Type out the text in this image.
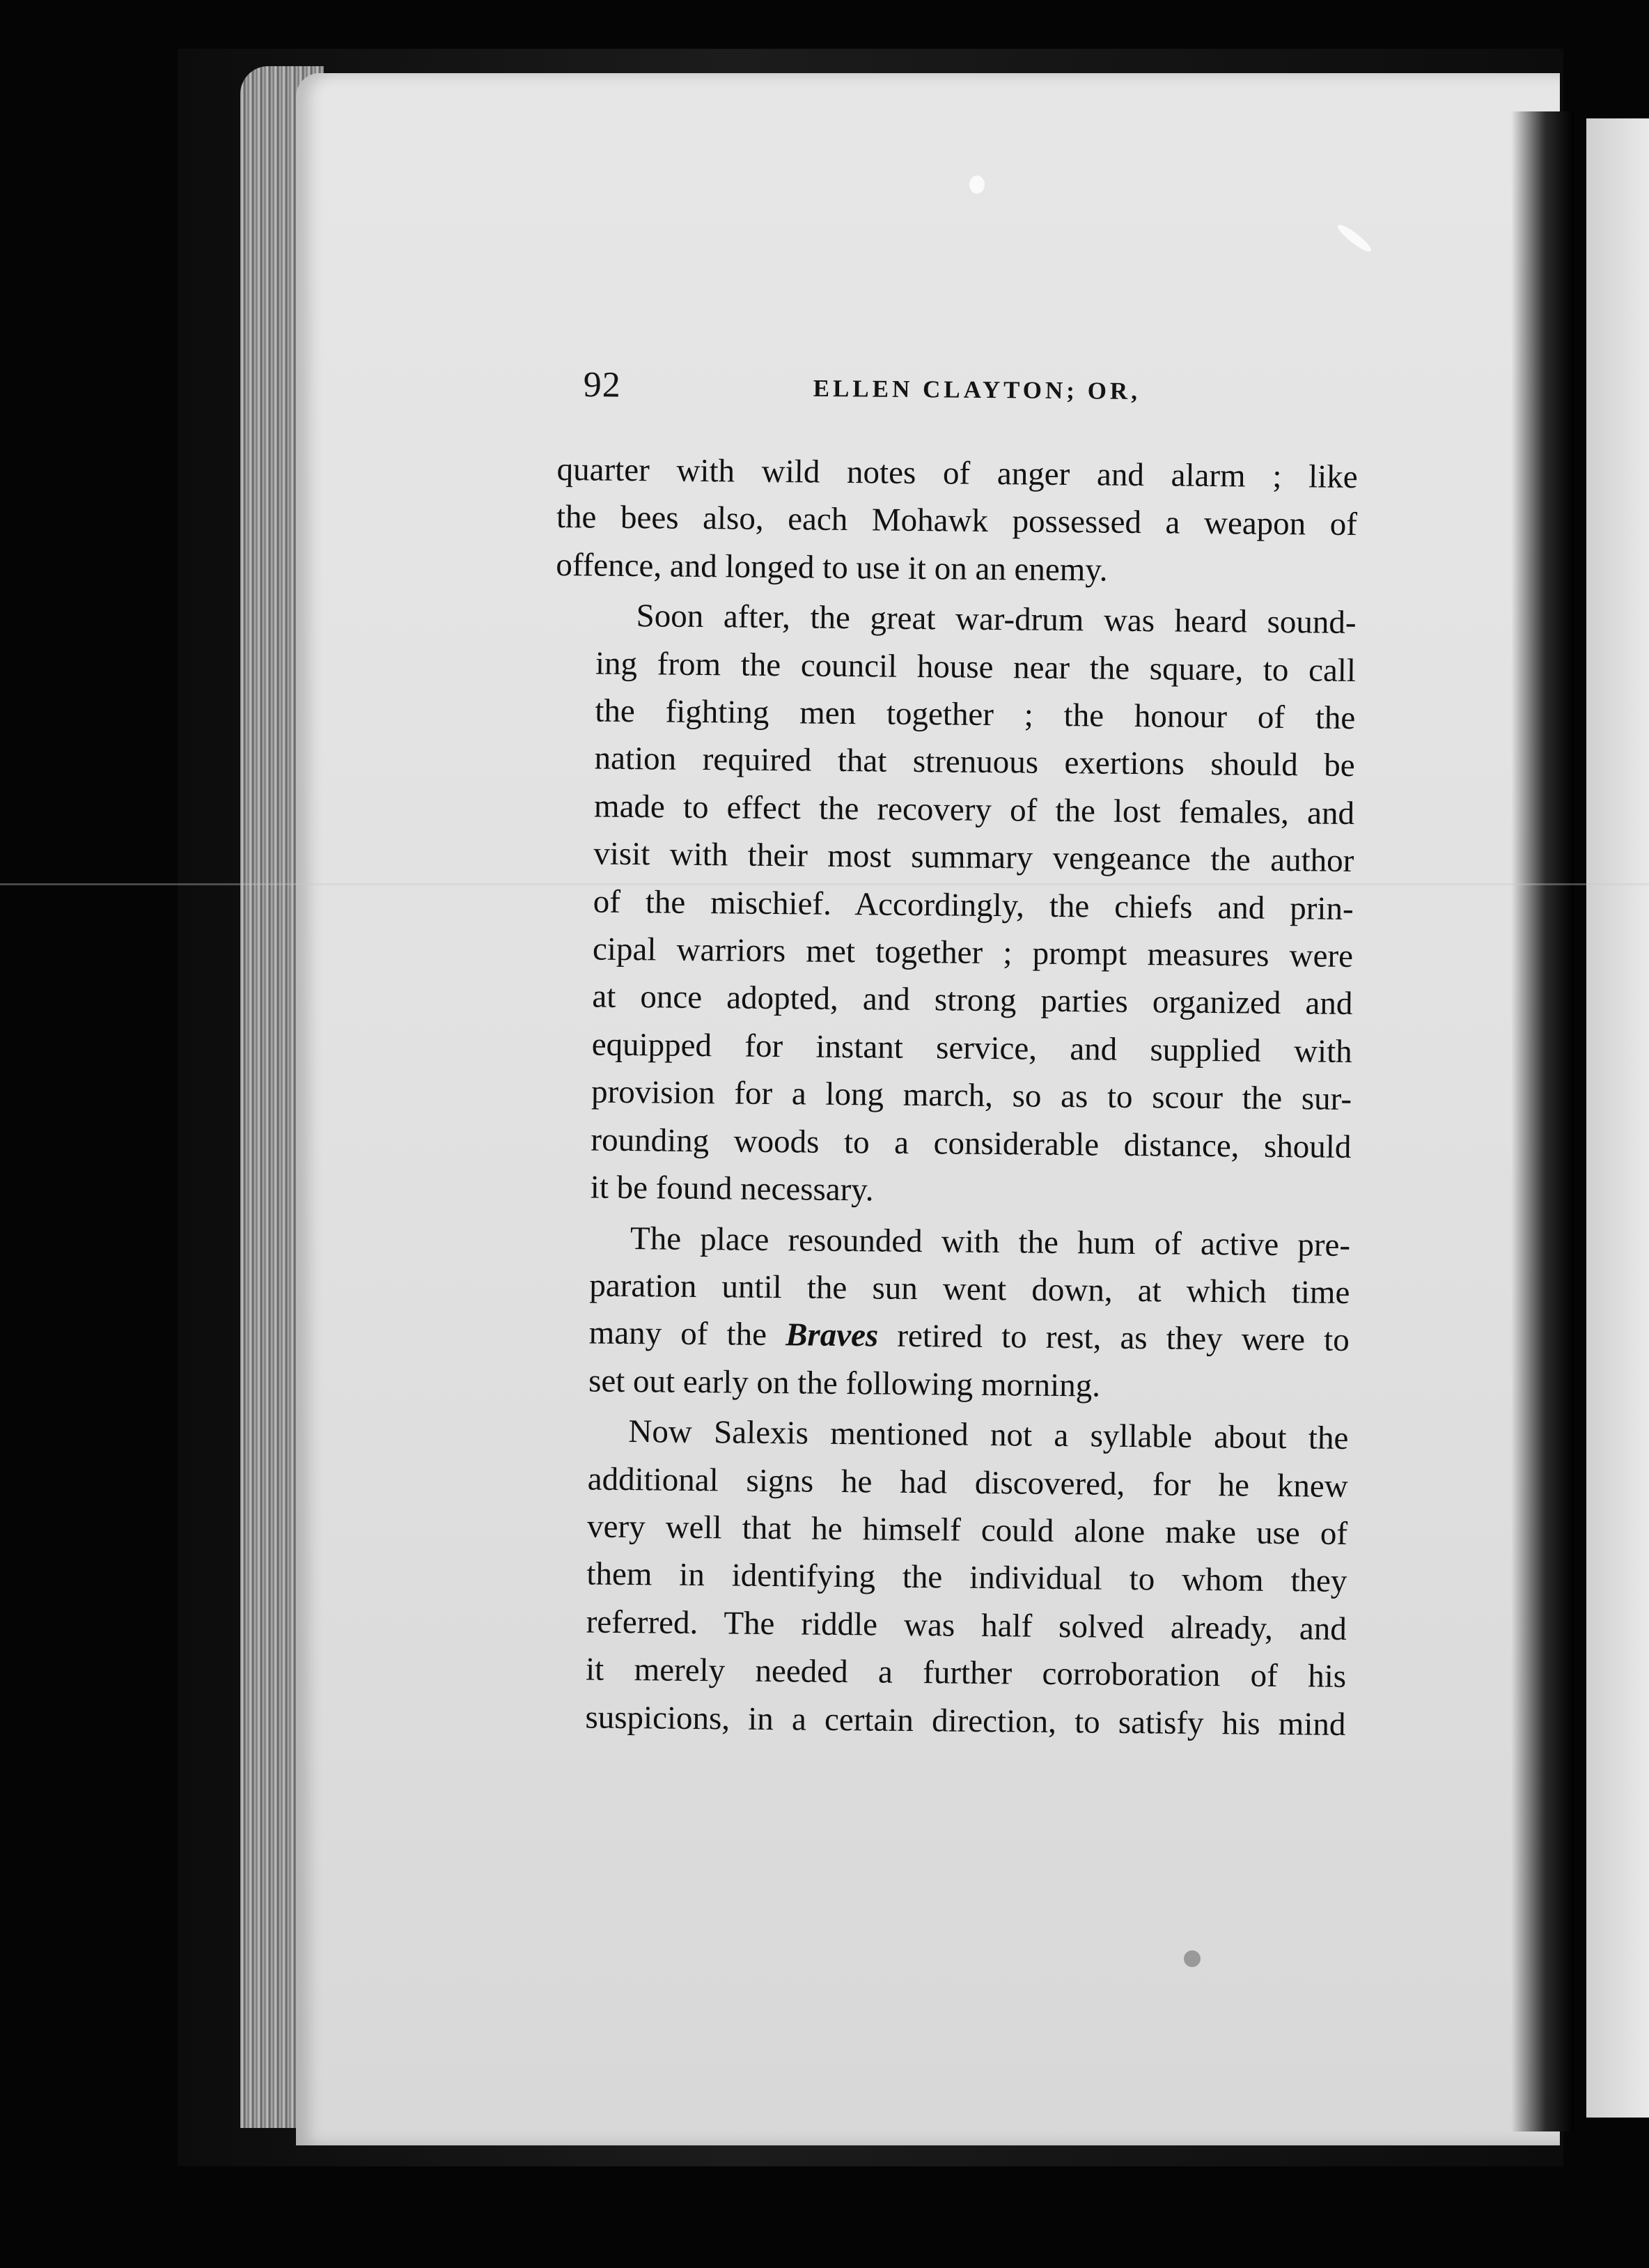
92	ELLEN CLAYTON; OR,
quarter with wild notes of anger and alarm ; like
the bees also, each Mohawk possessed a weapon of
offence, and longed to use it on an enemy.
Soon after, the great war-drum was heard sound-
ing from the council house near the square, to call
the fighting men together ; the honour of the
nation required that strenuous exertions should be
made to effect the recovery of the lost females, and
visit with their most summary vengeance the author
of the mischief. Accordingly, the chiefs and prin-
cipal warriors met together ; prompt measures were
at once adopted, and strong parties organized and
equipped for instant service, and supplied with
provision for a long march, so as to scour the sur-
rounding woods to a considerable distance, should
it be found necessary.
The place resounded with the hum of active pre-
paration until the sun went down, at which time
many of the Braves retired to rest, as they were to
set out early on the following morning.
Now Salexis mentioned not a syllable about the
additional signs he had discovered, for he knew
very well that he himself could alone make use of
them in identifying the individual to whom they
referred. The riddle was half solved already, and
it merely needed a further corroboration of his
suspicions, in a certain direction, to satisfy his mind
